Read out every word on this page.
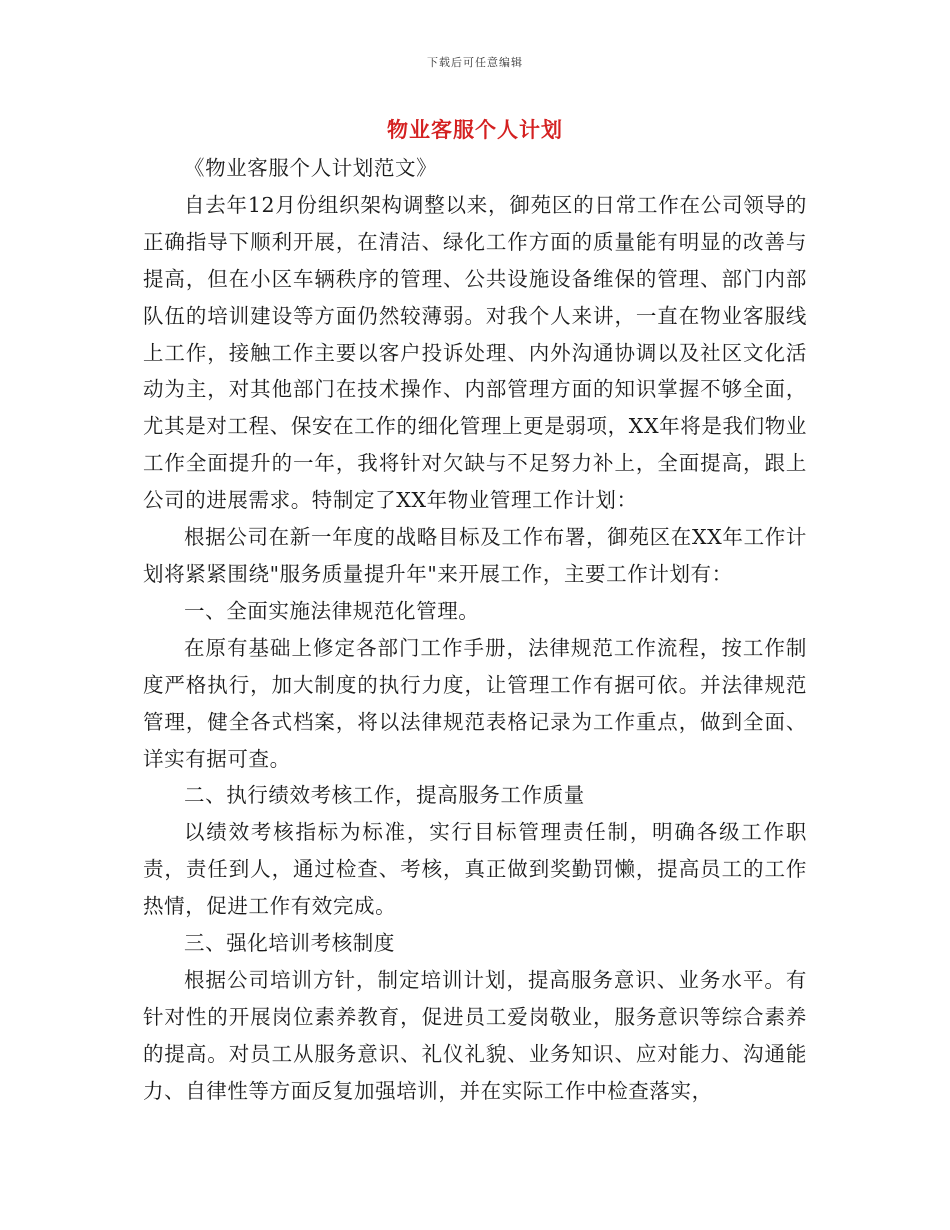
下载后可任意编辑
物业客服个人计划

《物业客服个人计划范文》

自去年12月份组织架构调整以来，御苑区的日常工作在公司领导的正确指导下顺利开展，在清洁、绿化工作方面的质量能有明显的改善与提高，但在小区车辆秩序的管理、公共设施设备维保的管理、部门内部队伍的培训建设等方面仍然较薄弱。对我个人来讲，一直在物业客服线上工作，接触工作主要以客户投诉处理、内外沟通协调以及社区文化活动为主，对其他部门在技术操作、内部管理方面的知识掌握不够全面，尤其是对工程、保安在工作的细化管理上更是弱项，XX年将是我们物业工作全面提升的一年，我将针对欠缺与不足努力补上，全面提高，跟上公司的进展需求。特制定了XX年物业管理工作计划：

根据公司在新一年度的战略目标及工作布署，御苑区在XX年工作计划将紧紧围绕"服务质量提升年"来开展工作，主要工作计划有：

一、全面实施法律规范化管理。

在原有基础上修定各部门工作手册，法律规范工作流程，按工作制度严格执行，加大制度的执行力度，让管理工作有据可依。并法律规范管理，健全各式档案，将以法律规范表格记录为工作重点，做到全面、详实有据可查。

二、执行绩效考核工作，提高服务工作质量

以绩效考核指标为标准，实行目标管理责任制，明确各级工作职责，责任到人，通过检查、考核，真正做到奖勤罚懒，提高员工的工作热情，促进工作有效完成。

三、强化培训考核制度

根据公司培训方针，制定培训计划，提高服务意识、业务水平。有针对性的开展岗位素养教育，促进员工爱岗敬业，服务意识等综合素养的提高。对员工从服务意识、礼仪礼貌、业务知识、应对能力、沟通能力、自律性等方面反复加强培训，并在实际工作中检查落实，
